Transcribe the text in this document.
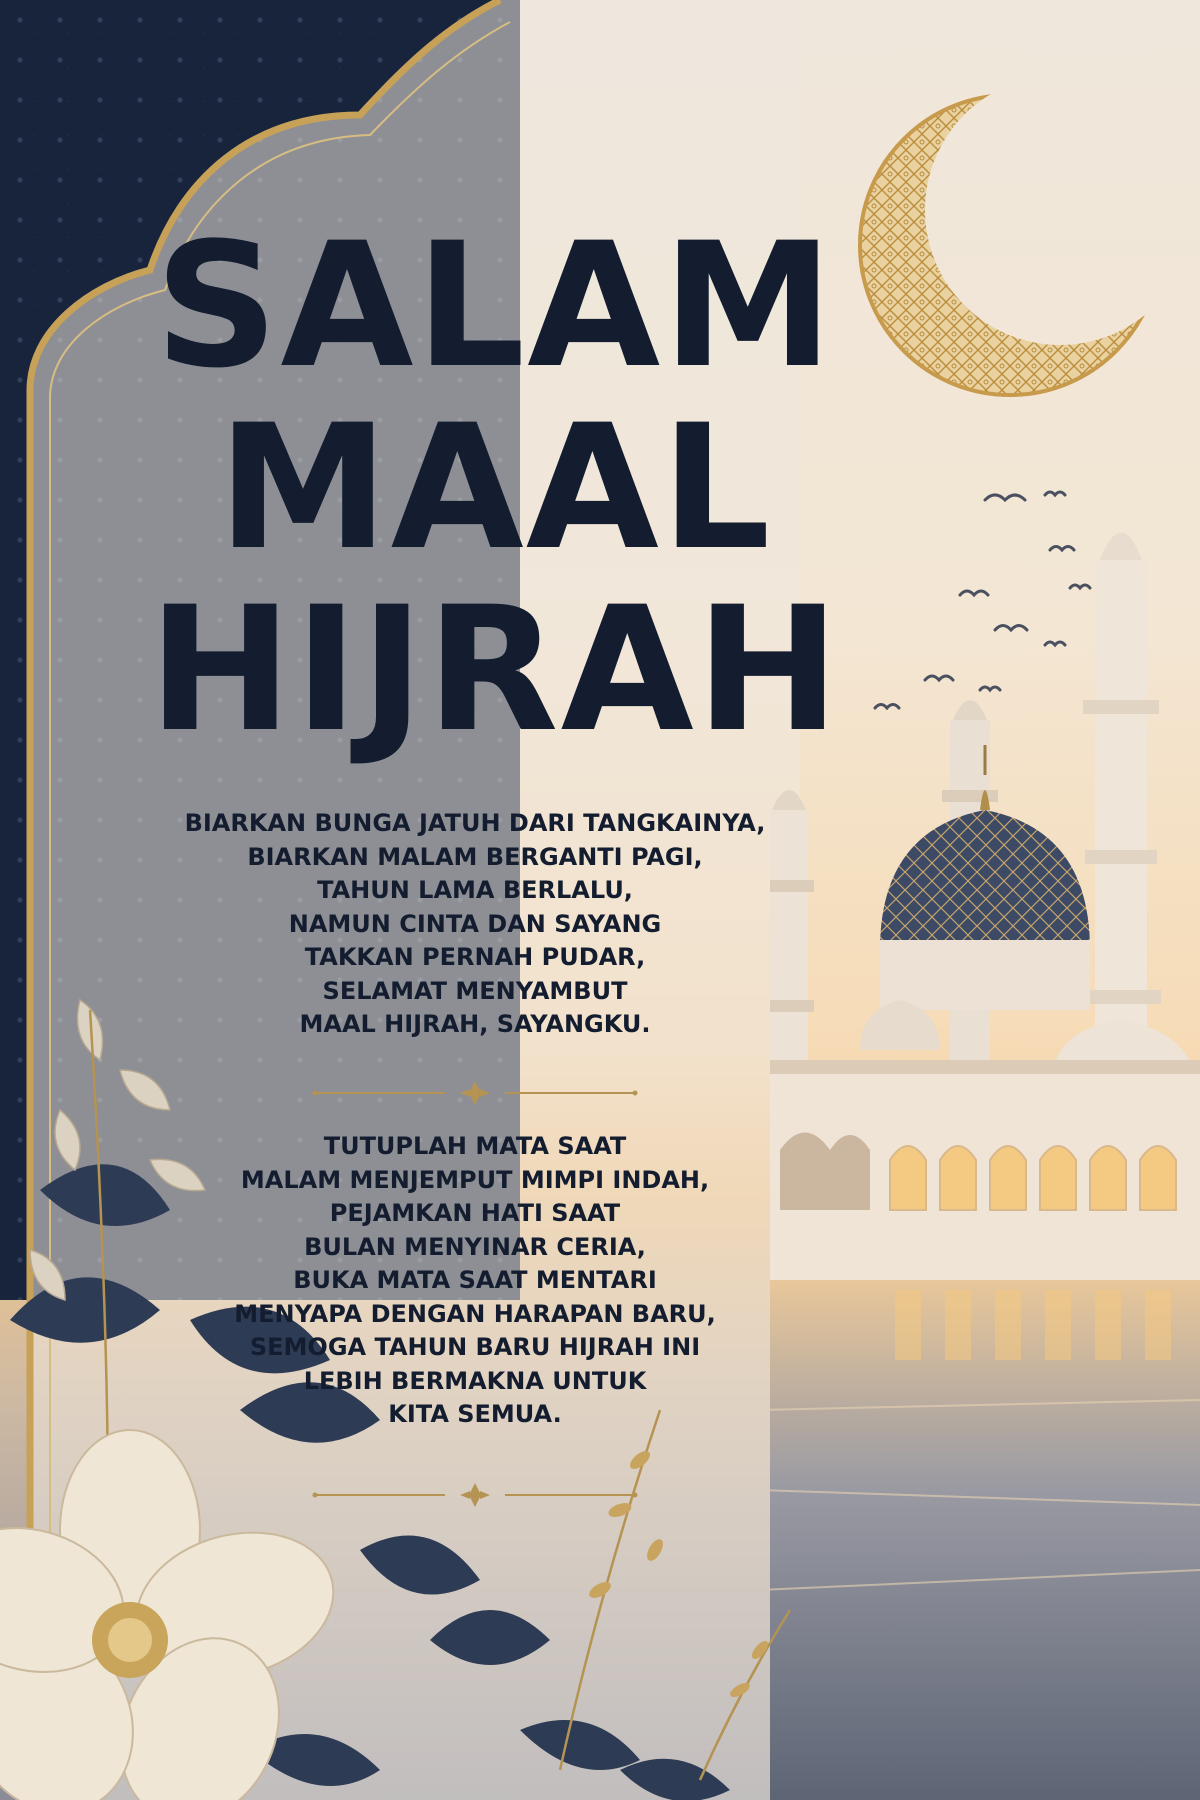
SALAM
MAAL
HIJRAH

BIARKAN BUNGA JATUH DARI TANGKAINYA,
BIARKAN MALAM BERGANTI PAGI,
TAHUN LAMA BERLALU,
NAMUN CINTA DAN SAYANG
TAKKAN PERNAH PUDAR,
SELAMAT MENYAMBUT
MAAL HIJRAH, SAYANGKU.

TUTUPLAH MATA SAAT
MALAM MENJEMPUT MIMPI INDAH,
PEJAMKAN HATI SAAT
BULAN MENYINAR CERIA,
BUKA MATA SAAT MENTARI
MENYAPA DENGAN HARAPAN BARU,
SEMOGA TAHUN BARU HIJRAH INI
LEBIH BERMAKNA UNTUK
KITA SEMUA.
